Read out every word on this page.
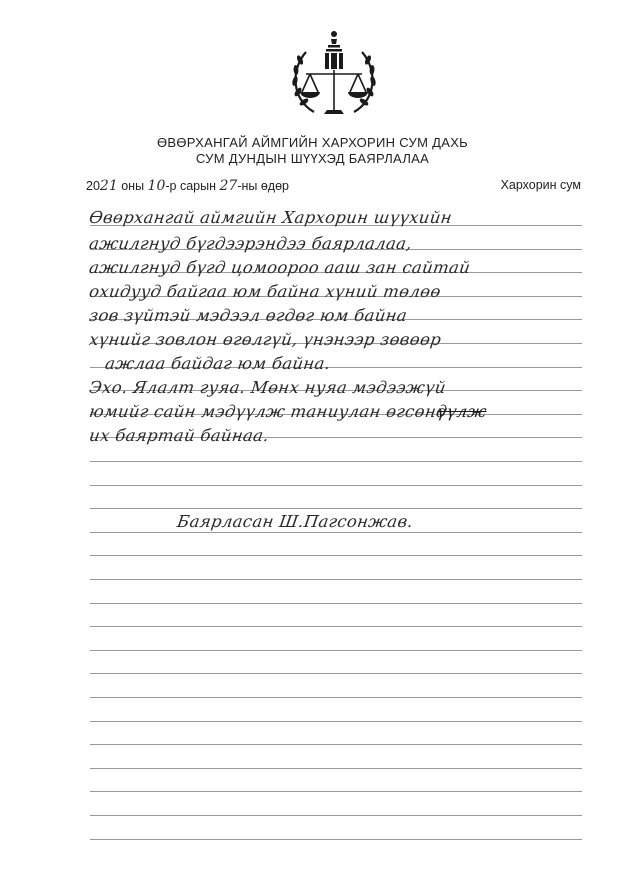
ӨВӨРХАНГАЙ АЙМГИЙН ХАРХОРИН СУМ ДАХЬ
СУМ ДУНДЫН ШҮҮХЭД БАЯРЛАЛАА
2021 оны 10-р сарын 27-ны өдөр	Хархорин сум
Өвөрхангай аймгийн Хархорин шүүхийн
ажилгнуд бүгдээрэндээ баярлалаа,
ажилгнуд бүгд цомоороо ааш зан сайтай
охидууд байгаа юм байна хүний төлөө
зов зүйтэй мэдээл өгдөг юм байна
хүнийг зовлон өгөлгүй, үнэнээр зөвөөр
ажлаа байдаг юм байна.
Эхо. Ялалт гуяа. Мөнх нуяа мэдээжүй
юмийг сайн мэдүүлж таниулан өгсөнд
их баяртай байнаа.
үүлж
Баярласан Ш.Пагсонжав.
